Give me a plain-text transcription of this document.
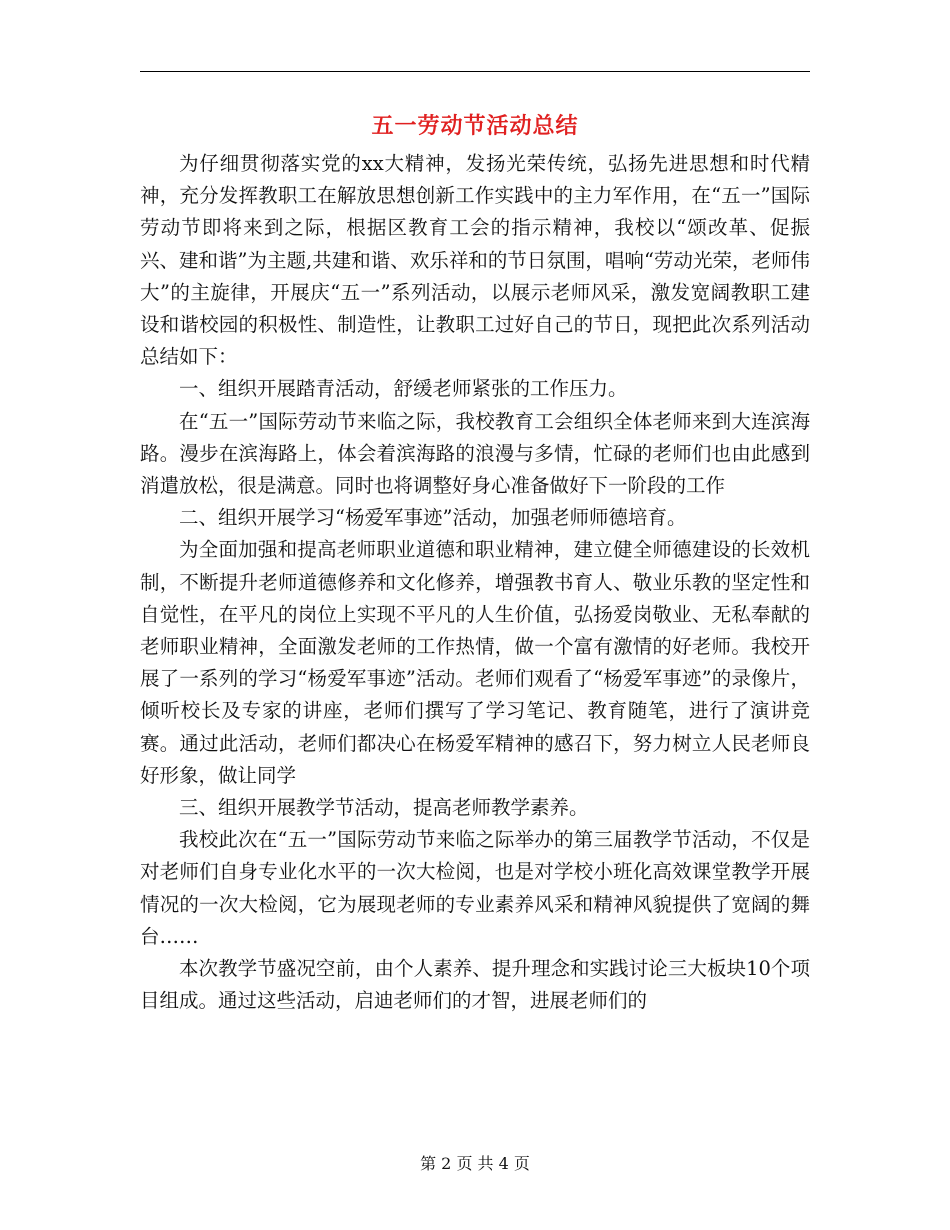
五一劳动节活动总结

为仔细贯彻落实党的xx大精神，发扬光荣传统，弘扬先进思想和时代精神，充分发挥教职工在解放思想创新工作实践中的主力军作用，在“五一”国际劳动节即将来到之际，根据区教育工会的指示精神，我校以“颂改革、促振兴、建和谐”为主题,共建和谐、欢乐祥和的节日氛围，唱响“劳动光荣，老师伟大”的主旋律，开展庆“五一”系列活动，以展示老师风采，激发宽阔教职工建设和谐校园的积极性、制造性，让教职工过好自己的节日，现把此次系列活动总结如下：

一、组织开展踏青活动，舒缓老师紧张的工作压力。

在“五一”国际劳动节来临之际，我校教育工会组织全体老师来到大连滨海路。漫步在滨海路上，体会着滨海路的浪漫与多情，忙碌的老师们也由此感到消遣放松，很是满意。同时也将调整好身心准备做好下一阶段的工作

二、组织开展学习“杨爱军事迹”活动，加强老师师德培育。

为全面加强和提高老师职业道德和职业精神，建立健全师德建设的长效机制，不断提升老师道德修养和文化修养，增强教书育人、敬业乐教的坚定性和自觉性，在平凡的岗位上实现不平凡的人生价值，弘扬爱岗敬业、无私奉献的老师职业精神，全面激发老师的工作热情，做一个富有激情的好老师。我校开展了一系列的学习“杨爱军事迹”活动。老师们观看了“杨爱军事迹”的录像片，倾听校长及专家的讲座，老师们撰写了学习笔记、教育随笔，进行了演讲竞赛。通过此活动，老师们都决心在杨爱军精神的感召下，努力树立人民老师良好形象，做让同学

三、组织开展教学节活动，提高老师教学素养。

我校此次在“五一”国际劳动节来临之际举办的第三届教学节活动，不仅是对老师们自身专业化水平的一次大检阅，也是对学校小班化高效课堂教学开展情况的一次大检阅，它为展现老师的专业素养风采和精神风貌提供了宽阔的舞台……

本次教学节盛况空前，由个人素养、提升理念和实践讨论三大板块10个项目组成。通过这些活动，启迪老师们的才智，进展老师们的

第 2 页 共 4 页
